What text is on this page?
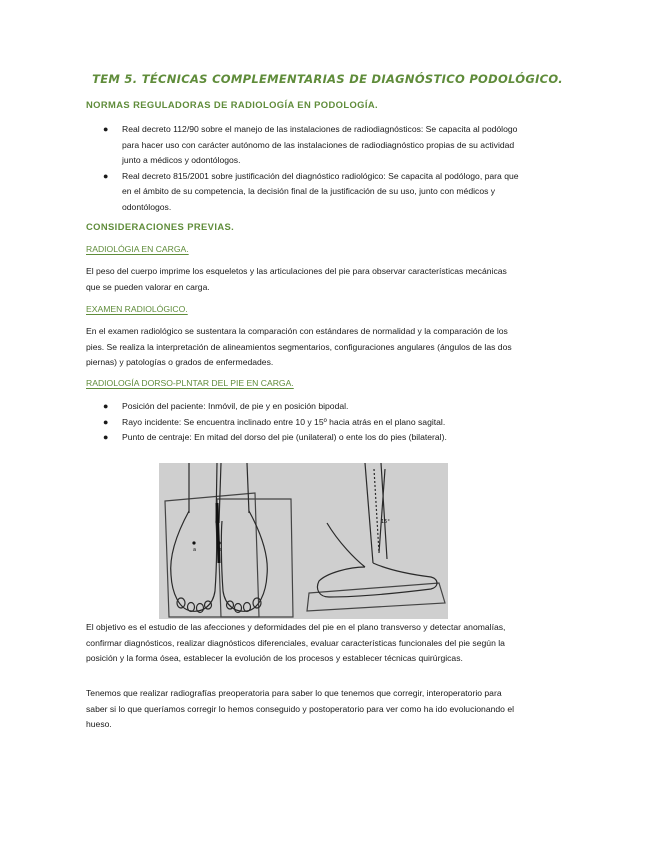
TEM 5. TÉCNICAS COMPLEMENTARIAS DE DIAGNÓSTICO PODOLÓGICO.
NORMAS REGULADORAS DE RADIOLOGÍA EN PODOLOGÍA.
● Real decreto 112/90 sobre el manejo de las instalaciones de radiodiagnósticos: Se capacita al podólogo para hacer uso con carácter autónomo de las instalaciones de radiodiagnóstico propias de su actividad junto a médicos y odontólogos.
● Real decreto 815/2001 sobre justificación del diagnóstico radiológico: Se capacita al podólogo, para que en el ámbito de su competencia, la decisión final de la justificación de su uso, junto con médicos y odontólogos.
CONSIDERACIONES PREVIAS.
RADIOLÓGIA EN CARGA.
El peso del cuerpo imprime los esqueletos y las articulaciones del pie para observar características mecánicas que se pueden valorar en carga.
EXAMEN RADIOLÓGICO.
En el examen radiológico se sustentara la comparación con estándares de normalidad y la comparación de los pies. Se realiza la interpretación de alineamientos segmentarios, configuraciones angulares (ángulos de las dos piernas) y patologías o grados de enfermedades.
RADIOLOGÍA DORSO-PLNTAR DEL PIE EN CARGA.
● Posición del paciente: Inmóvil, de pie y en posición bipodal.
● Rayo incidente: Se encuentra inclinado entre 10 y 15º hacia atrás en el plano sagital.
● Punto de centraje: En mitad del dorso del pie (unilateral) o ente los do pies (bilateral).
a	b
15°
El objetivo es el estudio de las afecciones y deformidades del pie en el plano transverso y detectar anomalías, confirmar diagnósticos, realizar diagnósticos diferenciales, evaluar características funcionales del pie según la posición y la forma ósea, establecer la evolución de los procesos y establecer técnicas quirúrgicas.
Tenemos que realizar radiografías preoperatoria para saber lo que tenemos que corregir, interoperatorio para saber si lo que queríamos corregir lo hemos conseguido y postoperatorio para ver como ha ido evolucionando el hueso.
